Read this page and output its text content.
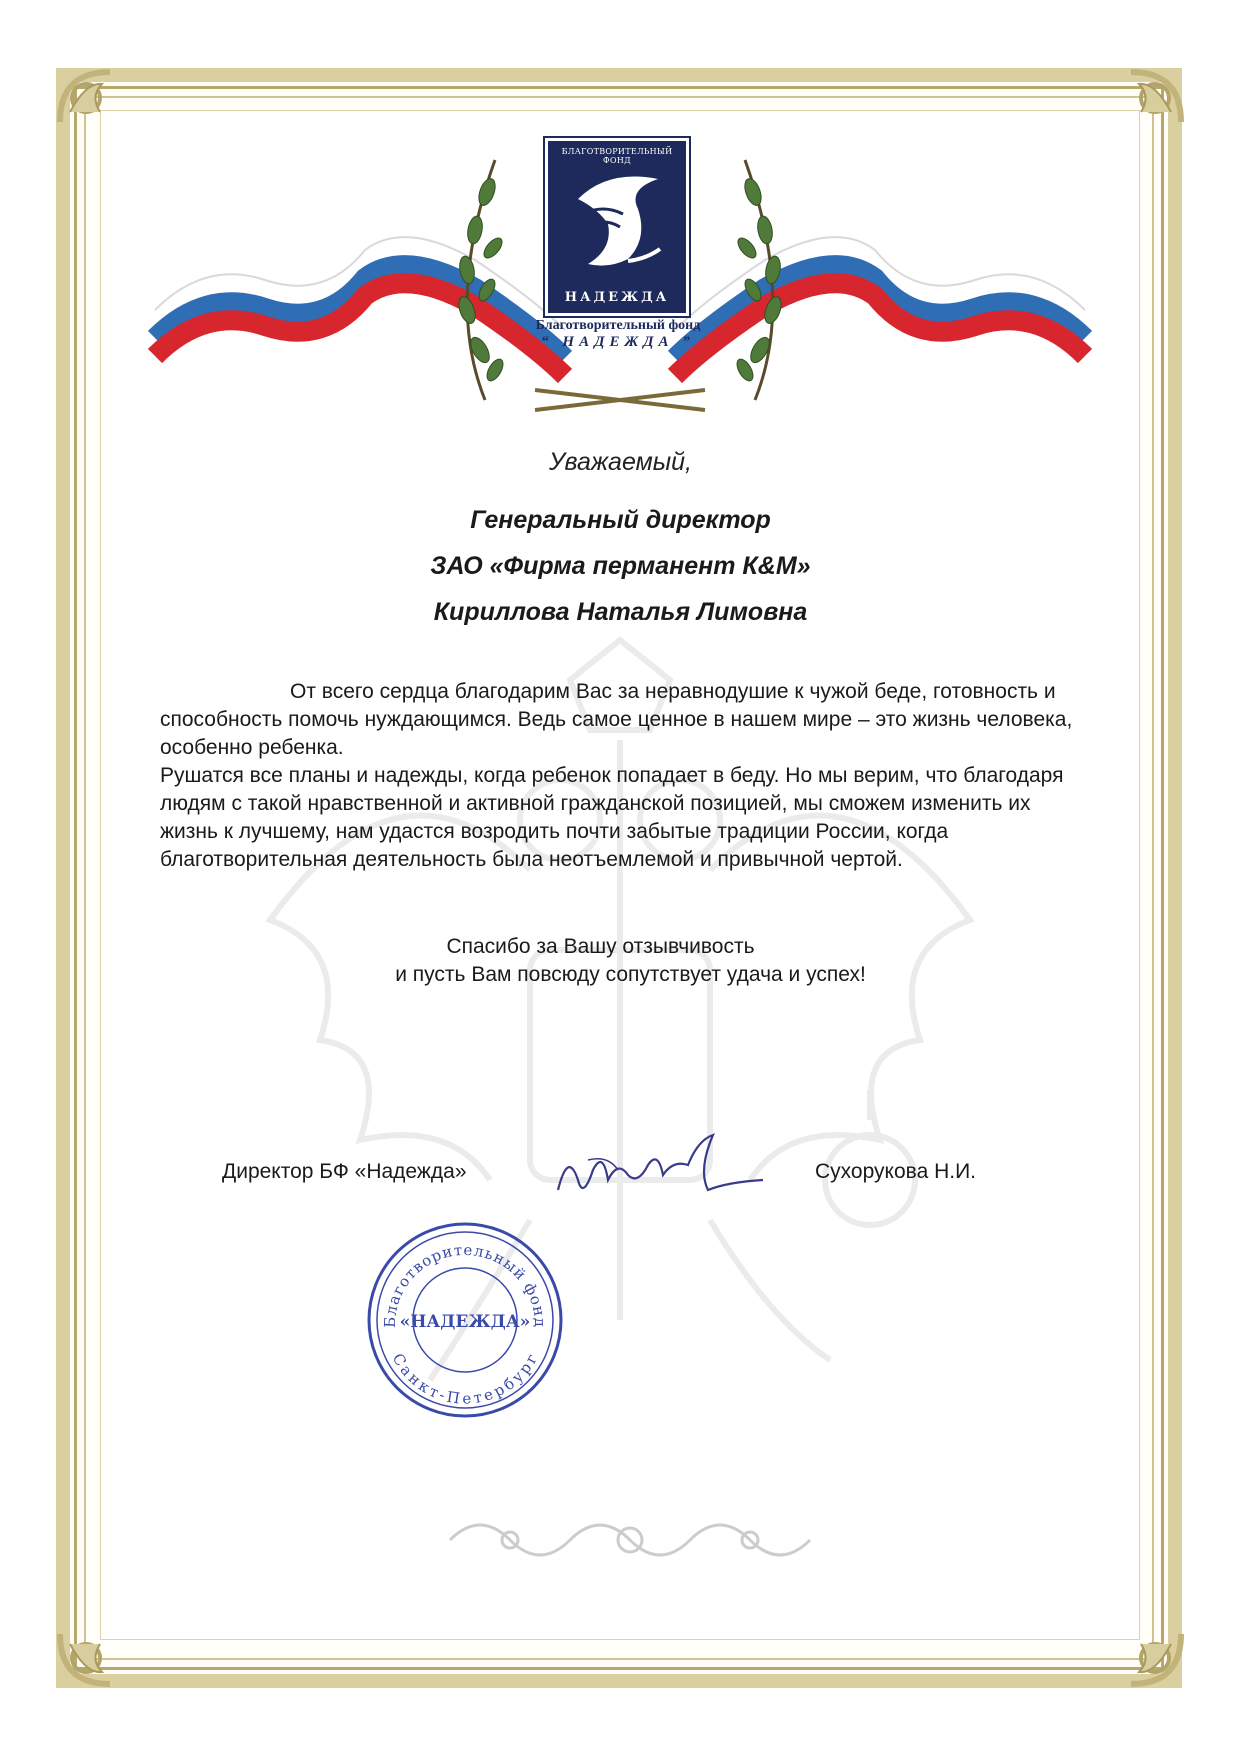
БЛАГОТВОРИТЕЛЬНЫЙ ФОНД
НАДЕЖДА
Благотворительный фонд
“ НАДЕЖДА ”
Уважаемый,
Генеральный директор
ЗАО «Фирма перманент К&М»
Кириллова Наталья Лимовна

От всего сердца благодарим Вас за неравнодушие к чужой беде, готовность и способность помочь нуждающимся. Ведь самое ценное в нашем мире – это жизнь человека, особенно ребенка.

Рушатся все планы и надежды, когда ребенок попадает в беду. Но мы верим, что благодаря людям с такой нравственной и активной гражданской позицией, мы сможем изменить их жизнь к лучшему, нам удастся возродить почти забытые традиции России, когда благотворительная деятельность была неотъемлемой и привычной чертой.

Спасибо за Вашу отзывчивость
и пусть Вам повсюду сопутствует удача и успех!
Директор БФ «Надежда»	Сухорукова Н.И.
Благотворительный фонд
Санкт-Петербург
«НАДЕЖДА»
